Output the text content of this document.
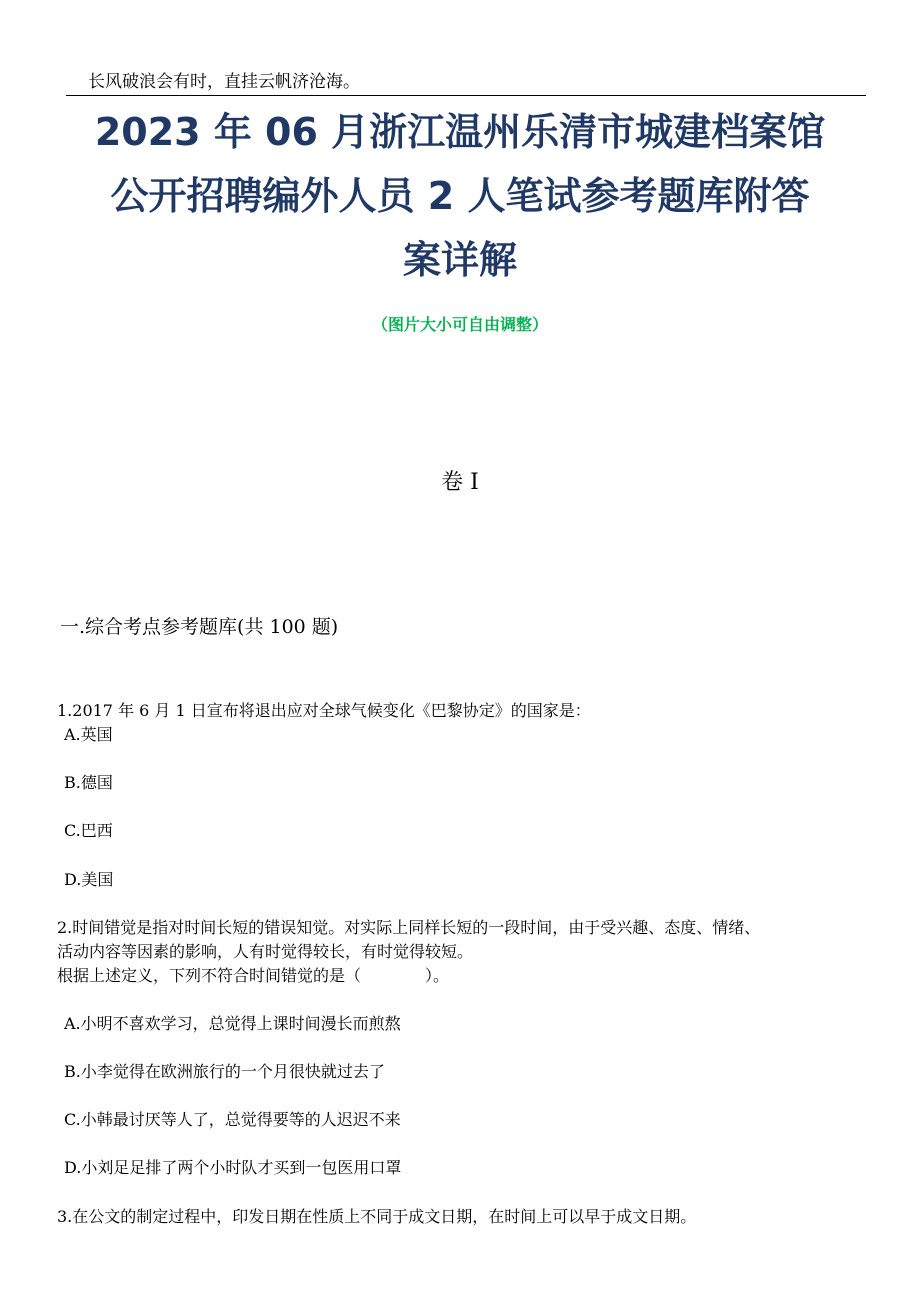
长风破浪会有时，直挂云帆济沧海。
2023 年 06 月浙江温州乐清市城建档案馆
公开招聘编外人员 2 人笔试参考题库附答
案详解
（图片大小可自由调整）
卷 I
一.综合考点参考题库(共 100 题)
1.2017 年 6 月 1 日宣布将退出应对全球气候变化《巴黎协定》的国家是：
A.英国
B.德国
C.巴西
D.美国
2.时间错觉是指对时间长短的错误知觉。对实际上同样长短的一段时间，由于受兴趣、态度、情绪、
活动内容等因素的影响，人有时觉得较长，有时觉得较短。
根据上述定义，下列不符合时间错觉的是（　　　　）。
A.小明不喜欢学习，总觉得上课时间漫长而煎熬
B.小李觉得在欧洲旅行的一个月很快就过去了
C.小韩最讨厌等人了，总觉得要等的人迟迟不来
D.小刘足足排了两个小时队才买到一包医用口罩
3.在公文的制定过程中，印发日期在性质上不同于成文日期，在时间上可以早于成文日期。
